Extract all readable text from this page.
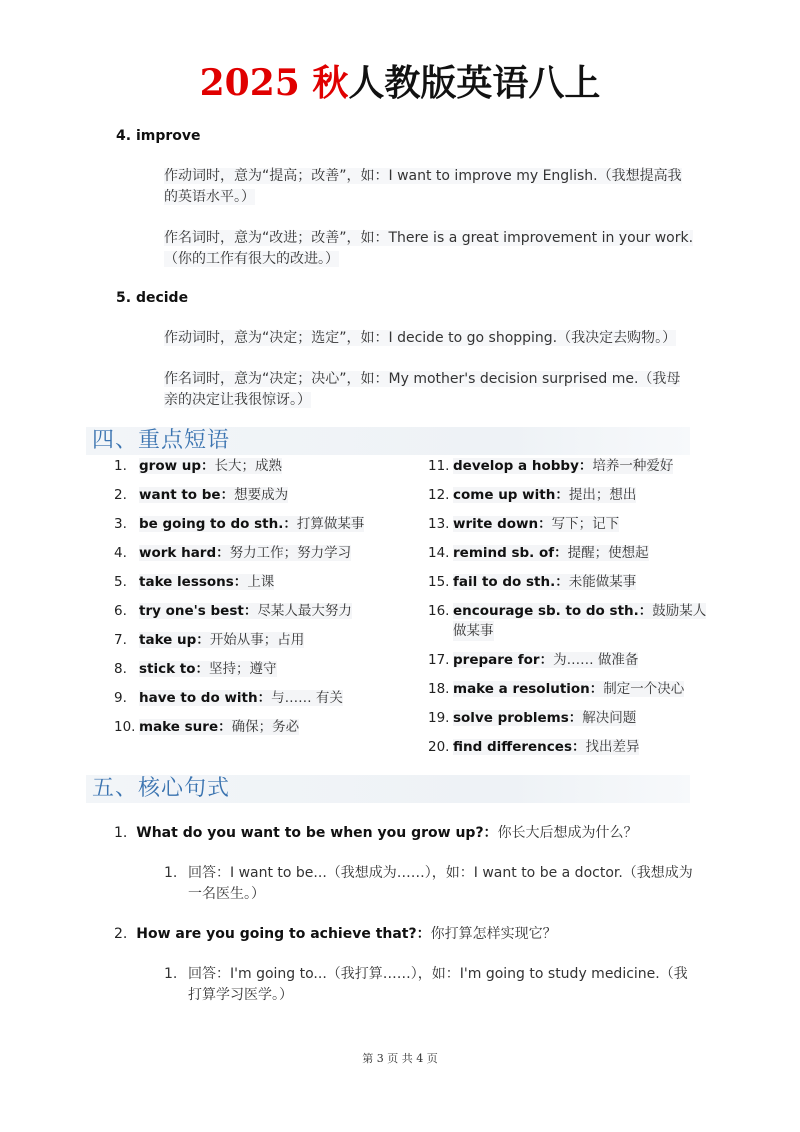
2025 秋人教版英语八上
4. improve
作动词时，意为“提高；改善”，如：I want to improve my English.（我想提高我的英语水平。）
作名词时，意为“改进；改善”，如：There is a great improvement in your work.（你的工作有很大的改进。）
5. decide
作动词时，意为“决定；选定”，如：I decide to go shopping.（我决定去购物。）
作名词时，意为“决定；决心”，如：My mother's decision surprised me.（我母亲的决定让我很惊讶。）
四、重点短语
1. grow up：长大；成熟
2. want to be：想要成为
3. be going to do sth.：打算做某事
4. work hard：努力工作；努力学习
5. take lessons：上课
6. try one's best：尽某人最大努力
7. take up：开始从事；占用
8. stick to：坚持；遵守
9. have to do with：与…… 有关
10. make sure：确保；务必
11. develop a hobby：培养一种爱好
12. come up with：提出；想出
13. write down：写下；记下
14. remind sb. of：提醒；使想起
15. fail to do sth.：未能做某事
16. encourage sb. to do sth.：鼓励某人
做某事
17. prepare for：为…… 做准备
18. make a resolution：制定一个决心
19. solve problems：解决问题
20. find differences：找出差异
五、核心句式
1. What do you want to be when you grow up?：你长大后想成为什么？
1. 回答：I want to be...（我想成为……），如：I want to be a doctor.（我想成为一名医生。）
2. How are you going to achieve that?：你打算怎样实现它？
1. 回答：I'm going to...（我打算……），如：I'm going to study medicine.（我打算学习医学。）
第 3 页 共 4 页
